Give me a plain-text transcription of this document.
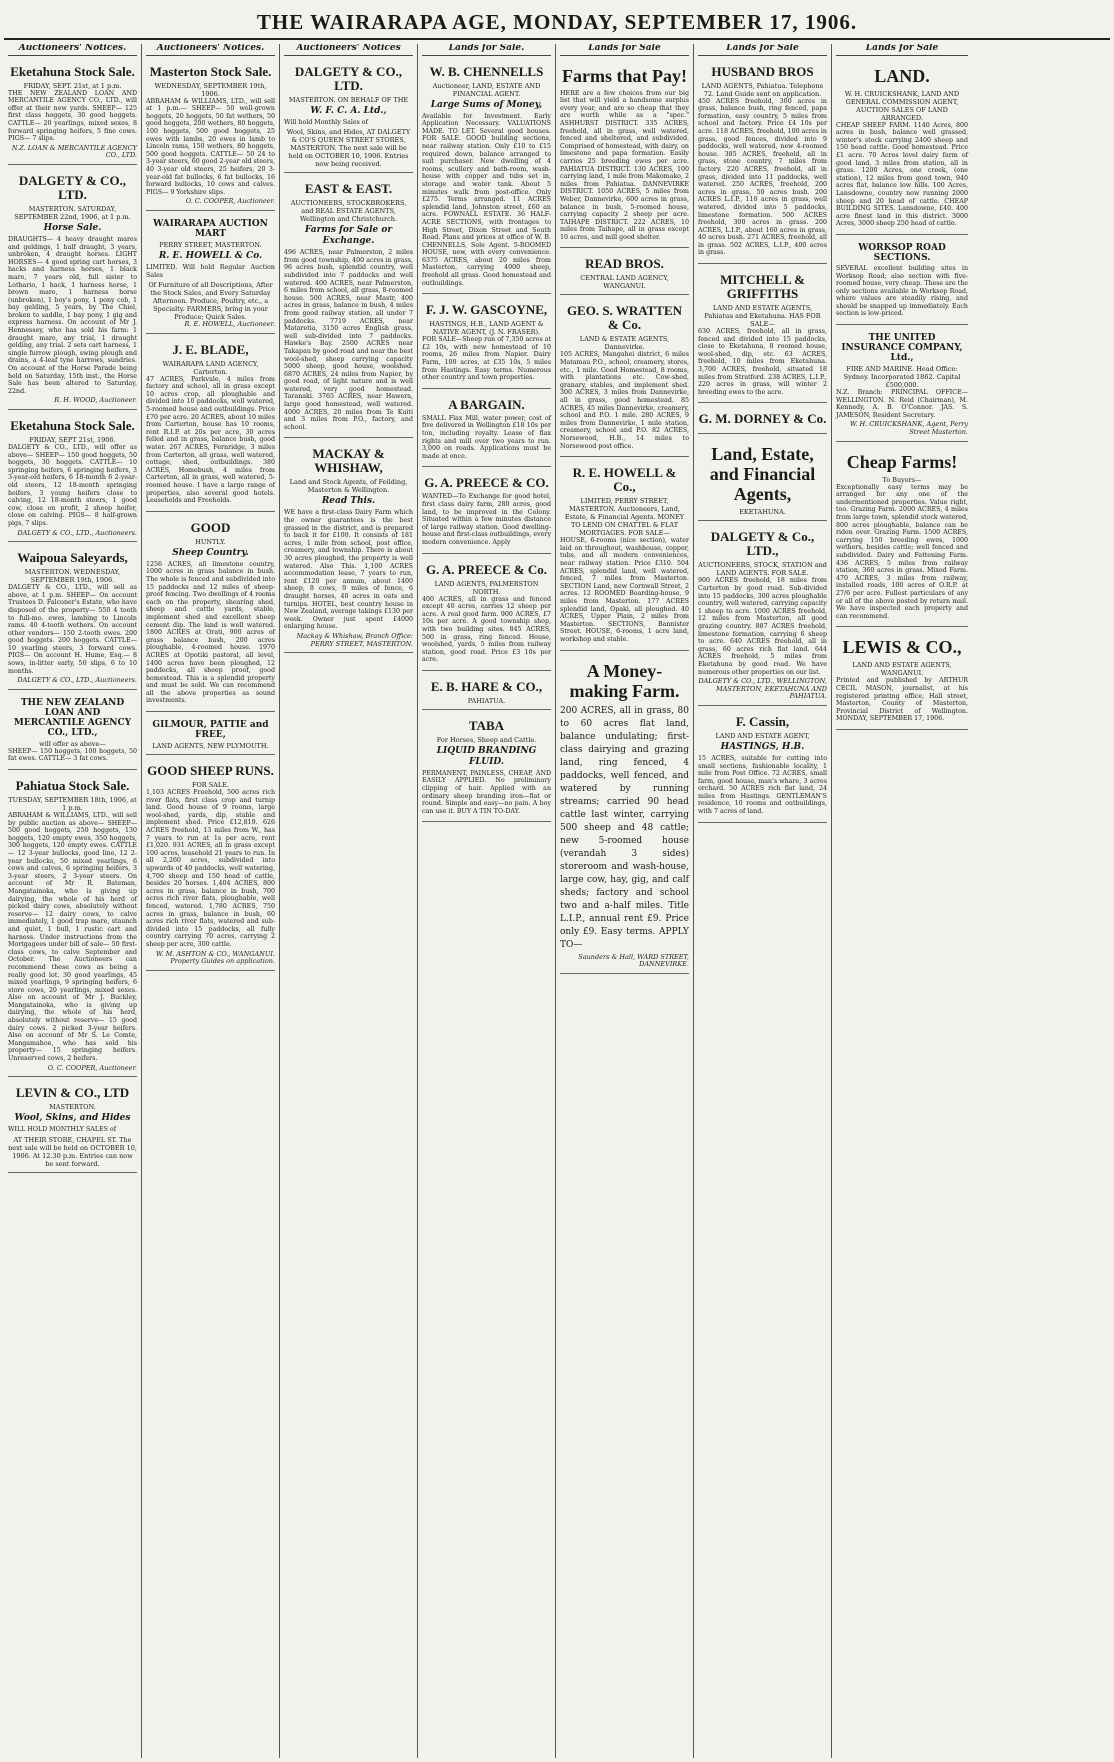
THE WAIRARAPA AGE, MONDAY, SEPTEMBER 17, 1906.
Auctioneers' Notices.
Eketahuna Stock Sale.
FRIDAY, SEPT. 21st, at 1 p.m.

THE NEW ZEALAND LOAN AND MERCANTILE AGENCY CO., LTD., will offer at their new yards. SHEEP— 125 first class hoggets, 30 good hoggets. CATTLE— 20 yearlings, mixed sexes, 8 forward springing heifers, 5 fine cows. PIGS— 7 slips.

N.Z. LOAN & MERCANTILE AGENCY CO., LTD.
DALGETY & CO., LTD.
MASTERTON. SATURDAY, SEPTEMBER 22nd, 1906, at 1 p.m.
Horse Sale.

DRAUGHTS— 4 heavy draught mares and geldings, 1 half draught, 3 years, unbroken, 4 draught horses. LIGHT HORSES— 4 good spring cart horses, 3 hacks and harness horses, 1 black mare, 7 years old, full sister to Lothario, 1 hack, 1 harness horse, 1 brown mare, 1 harness horse (unbroken), 1 boy's pony, 1 pony cob, 1 bay gelding, 5 years, by The Chiel, broken to saddle, 1 bay pony, 1 gig and express harness. On account of Mr J. Hennessey, who has sold his farm: 1 draught mare, any trial, 1 draught gelding, any trial. 2 sets cart harness, 1 single furrow plough, swing plough and drains, a 4-leaf tyne harrows, sundries. On account of the Horse Parade being held on Saturday, 15th inst., the Horse Sale has been altered to Saturday, 22nd.

R. H. WOOD, Auctioneer.
Eketahuna Stock Sale.
FRIDAY, SEPT 21st, 1906.

DALGETY & CO., LTD., will offer as above— SHEEP— 150 good hoggets, 50 hoggets, 30 hoggets. CATTLE— 10 springing heifers, 6 springing heifers, 3 3-year-old heifers, 6 18-month 6 2-year-old steers, 12 18-month springing heifers, 3 young heifers close to calving, 12 18-month steers, 1 good cow, close on profit, 2 sheep heifer, close on calving. PIGS— 8 half-grown pigs, 7 slips.

DALGETY & CO., LTD., Auctioneers.
Waipoua Saleyards,
MASTERTON. WEDNESDAY, SEPTEMBER 19th, 1906.

DALGETY & CO., LTD., will sell as above, at 1 p.m. SHEEP— On account Trustees D. Falconer's Estate, who have disposed of the property— 550 4 tooth to full-mo. ewes, lambing to Lincoln rams. 40 4-tooth wethers. On account other vendors— 150 2-tooth ewes. 200 good hoggets. 200 hoggets. CATTLE— 10 yearling steers, 3 forward cows. PIGS— On account H. Hume, Esq.— 8 sows, in-litter early, 50 slips, 6 to 10 months.

DALGETY & CO., LTD., Auctioneers.
THE NEW ZEALAND LOAN AND MERCANTILE AGENCY CO., LTD.,
will offer as above—

SHEEP— 150 hoggets, 100 hoggets, 50 fat ewes. CATTLE— 3 fat cows.

Pahiatua Stock Sale.
TUESDAY, SEPTEMBER 18th, 1906, at 1 p.m.

ABRAHAM & WILLIAMS, LTD., will sell by public auction as above— SHEEP— 500 good hoggets, 250 hoggets, 130 hoggets, 120 empty ewes, 350 hoggets, 300 hoggets, 120 empty ewes. CATTLE— 12 3-year bullocks, good line, 12 2-year bullocks, 50 mixed yearlings, 6 cows and calves, 6 springing heifers, 3 3-year steers, 2 3-year steers. On account of Mr R. Bateman, Mangatainoka, who is giving up dairying, the whole of his herd of picked dairy cows, absolutely without reserve— 12 dairy cows, to calve immediately, 1 good trap mare, staunch and quiet, 1 bull, 1 rustic cart and harness. Under instructions from the Mortgagees under bill of sale— 50 first-class cows, to calve September and October. The Auctioneers can recommend these cows as being a really good lot. 30 good yearlings, 45 mixed yearlings, 9 springing heifers, 6 store cows, 20 yearlings, mixed sexes. Also on account of Mr J. Buckley, Mangatainoka, who is giving up dairying, the whole of his herd, absolutely without reserve— 15 good dairy cows. 2 picked 3-year heifers. Also on account of Mr S. Le Comte, Mangamahoe, who has sold his property— 15 springing heifers. Unreserved cows, 2 heifers.

O. C. COOPER, Auctioneer.
LEVIN & CO., LTD
MASTERTON.
Wool, Skins, and Hides

WILL HOLD MONTHLY SALES of

AT THEIR STORE, CHAPEL ST. The next sale will be held on OCTOBER 10, 1906. At 12.30 p.m. Entries can now be sent forward.
Auctioneers' Notices.
Masterton Stock Sale.
WEDNESDAY, SEPTEMBER 19th, 1906.

ABRAHAM & WILLIAMS, LTD., will sell at 1 p.m.— SHEEP— 50 well-grown hoggets, 20 hoggets, 50 fat wethers, 50 good hoggets, 200 wethers, 80 hoggets, 100 hoggets, 500 good hoggets, 25 ewes with lambs, 20 ewes in lamb to Lincoln rams, 150 wethers, 80 hoggets, 500 good hoggets. CATTLE— 50 24 to 3-year steers, 60 good 2-year old steers, 40 3-year old steers, 25 heifers, 20 3-year-old fat bullocks, 6 fat bullocks, 16 forward bullocks, 10 cows and calves. PIGS— 9 Yorkshire slips.

O. C. COOPER, Auctioneer.
WAIRARAPA AUCTION MART
PERRY STREET, MASTERTON.
R. E. HOWELL & Co.

LIMITED. Will hold Regular Auction Sales

Of Furniture of all Descriptions, After the Stock Sales, and Every Saturday Afternoon. Produce, Poultry, etc., a Specialty. FARMERS, bring in your Produce; Quick Sales.
R. E. HOWELL, Auctioneer.
J. E. BLADE,
WAIRARAPA LAND AGENCY, Carterton.

47 ACRES, Parkvale, 4 miles from factory and school, all in grass except 10 acres crop, all ploughable and divided into 10 paddocks, well watered, 5-roomed house and outbuildings. Price £70 per acre. 20 ACRES, about 10 miles from Carterton, house has 10 rooms, rent R.I.P. at 20s per acre, 30 acres felled and in grass, balance bush, good water. 267 ACRES, Fernridge, 3 miles from Carterton, all grass, well watered, cottage, shed, outbuildings. 380 ACRES, Homebush, 4 miles from Carterton, all in grass, well watered, 5-roomed house. I have a large range of properties, also several good hotels. Leaseholds and Freeholds.

GOOD
HUNTLY.
Sheep Country.

1256 ACRES, all limestone country, 1000 acres in grass balance in bush. The whole is fenced and subdivided into 15 paddocks and 12 miles of sheep-proof fencing. Two dwellings of 4 rooms each on the property, shearing shed, sheep and cattle yards, stable, implement shed and excellent sheep cement dip. The land is well watered. 1800 ACRES at Orati, 900 acres of grass balance bush, 200 acres ploughable, 4-roomed house. 1970 ACRES at Opotiki pastoral, all level, 1400 acres have been ploughed, 12 paddocks, all sheep proof, good homestead. This is a splendid property and must be sold. We can recommend all the above properties as sound investments.

GILMOUR, PATTIE and FREE,
LAND AGENTS, NEW PLYMOUTH.
GOOD SHEEP RUNS.
FOR SALE.

1,103 ACRES Freehold, 500 acres rich river flats, first class crop and turnip land. Good house of 9 rooms, large wool-shed, yards, dip, stable and implement shed. Price £12,819. 626 ACRES freehold, 13 miles from W., has 7 years to run at 1s per acre, rent £1,020. 931 ACRES, all in grass except 100 acres, leasehold 21 years to run. In all 2,260 acres, subdivided into upwards of 40 paddocks, well watering, 4,700 sheep and 150 head of cattle, besides 20 horses. 1,404 ACRES, 800 acres in grass, balance in bush, 700 acres rich river flats, ploughable, well fenced, watered. 1,780 ACRES, 750 acres in grass, balance in bush, 60 acres rich river flats, watered and sub-divided into 15 paddocks, all fully country carrying 70 acres, carrying 2 sheep per acre, 300 cattle.

W. M. ASHTON & CO., WANGANUI. Property Guides on application.
Auctioneers' Notices
DALGETY & CO., LTD.
MASTERTON. ON BEHALF OF THE
W. F. C. A. Ltd.,

Will hold Monthly Sales of

Wool, Skins, and Hides, AT DALGETY & CO'S QUEEN STREET STORES, MASTERTON. The next sale will be held on OCTOBER 10, 1906. Entries now being received.
EAST & EAST.
AUCTIONEERS, STOCKBROKERS, and REAL ESTATE AGENTS, Wellington and Christchurch.
Farms for Sale or Exchange.

496 ACRES, near Palmerston, 2 miles from good township, 400 acres in grass, 96 acres bush, splendid country, well subdivided into 7 paddocks and well watered. 400 ACRES, near Palmerston, 6 miles from school, all grass, 8-roomed house. 500 ACRES, near Mastr, 400 acres in grass, balance in bush, 4 miles from good railway station, all under 7 paddocks. 7719 ACRES, near Mataretia, 3150 acres English grass, well sub-divided into 7 paddocks. Hawke's Bay. 2500 ACRES near Takapau by good road and near the best wool-shed, sheep carrying capacity 5000 sheep, good house, woolshed. 6870 ACRES, 24 miles from Napier, by good road, of light nature and is well watered, very good homestead. Taranaki. 3765 ACRES, near Hawera, large good homestead, well watered. 4000 ACRES, 20 miles from Te Kuiti and 3 miles from P.O., factory, and school.

MACKAY & WHISHAW,
Land and Stock Agents, of Feilding, Masterton & Wellington.
Read This.

WE have a first-class Dairy Farm which the owner guarantees is the best grassed in the district, and is prepared to back it for £100. It consists of 181 acres, 1 mile from school, post office, creamery, and township. There is about 30 acres ploughed, the property is well watered. Also This. 1,100 ACRES accommodation lease, 7 years to run, rent £120 per annum, about 1400 sheep, 8 cows, 9 miles of fence, 6 draught horses, 40 acres in oats and turnips. HOTEL, best country house in New Zealand, average takings £130 per week. Owner just spent £4000 enlarging house.

Mackay & Whishaw, Branch Office: PERRY STREET, MASTERTON.
Lands for Sale.
W. B. CHENNELLS
Auctioneer, LAND, ESTATE AND FINANCIAL AGENT.
Large Sums of Money,

Available for Investment. Early Application Necessary. VALUATIONS MADE. TO LET. Several good houses. FOR SALE. GOOD building sections, near railway station. Only £10 to £15 required down, balance arranged to suit purchaser. New dwelling of 4 rooms, scullery and bath-room, wash-house with copper and tubs set in, storage and water tank. About 5 minutes walk from post-office. Only £275. Terms arranged. 11 ACRES splendid land, Johnston street, £60 an acre. FOWNALL ESTATE. 36 HALF-ACRE SECTIONS, with frontages to High Street, Dixon Street and South Road. Plans and prices at office of W. B. CHENNELLS, Sole Agent. 5-ROOMED HOUSE, new, with every convenience. 6375 ACRES, about 20 miles from Masterton, carrying 4000 sheep, freehold all grass. Good homestead and outbuildings.

F. J. W. GASCOYNE,
HASTINGS, H.B., LAND AGENT & NATIVE AGENT, (J. N. FRASER).

FOR SALE—Sheep run of 7,350 acres at £2 10s, with new homestead of 10 rooms, 26 miles from Napier. Dairy Farm, 100 acres, at £35 10s, 5 miles from Hastings. Easy terms. Numerous other country and town properties.

A BARGAIN.

SMALL Flax Mill, water power, cost of five delivered in Wellington £18 10s per ton, including royalty. Lease of flax rights and mill over two years to run. 3,000 on roads. Applications must be made at once.

G. A. PREECE & CO.

WANTED—To Exchange for good hotel, first class dairy farm, 280 acres, good land, to be improved in the Colony. Situated within a few minutes distance of large railway station. Good dwelling-house and first-class outbuildings, every modern convenience. Apply

G. A. PREECE & Co.
LAND AGENTS, PALMERSTON NORTH.

400 ACRES, all in grass and fenced except 40 acres, carries 12 sheep per acre. A real good farm. 900 ACRES, £7 10s per acre. A good township shop, with two building sites. 845 ACRES, 500 in grass, ring fenced. House, woolshed, yards, 5 miles from railway station, good road. Price £3 10s per acre.

E. B. HARE & CO.,
PAHIATUA.
TABA
For Horses, Sheep and Cattle.
LIQUID BRANDING FLUID.

PERMANENT, PAINLESS, CHEAP, AND EASILY APPLIED. No preliminary clipping of hair. Applied with an ordinary sheep branding iron—flat or round. Simple and easy—no pain. A boy can use it. BUY A TIN TO-DAY.

Lands for Sale
Farms that Pay!

HERE are a few choices from our big list that will yield a handsome surplus every year, and are so cheap that they are worth while as a "spec." ASHHURST DISTRICT. 335 ACRES, freehold, all in grass, well watered, fenced and sheltered, and subdivided. Comprised of homestead, with dairy, on limestone and papa formation. Easily carries 25 breeding ewes per acre. PAHIATUA DISTRICT. 130 ACRES, 100 carrying land, 1 mile from Makomako, 2 miles from Pahiatua. DANNEVIRKE DISTRICT. 1050 ACRES, 5 miles from Weber, Dannevirke, 600 acres in grass, balance in bush, 5-roomed house, carrying capacity 2 sheep per acre. TAIHAPE DISTRICT. 222 ACRES, 10 miles from Taihape, all in grass except 10 acres, and mill good shelter.

READ BROS.
CENTRAL LAND AGENCY, WANGANUI.
GEO. S. WRATTEN & Co.
LAND & ESTATE AGENTS, Dannevirke.

105 ACRES, Mangahei district, 6 miles Matamau P.O., school, creamery, stores, etc., 1 mile. Good Homestead, 8 rooms, with plantations etc. Cow-shed, granary, stables, and implement shed. 300 ACRES, 3 miles from Dannevirke, all in grass, good homestead. 85 ACRES, 45 miles Dannevirke, creamery, school and P.O. 1 mile. 280 ACRES, 9 miles from Dannevirke, 1 mile station, creamery, school and P.O. 82 ACRES, Norsewood, H.B., 14 miles to Norsewood post office.

R. E. HOWELL & Co.,
LIMITED, PERRY STREET, MASTERTON. Auctioneers, Land, Estate, & Financial Agents. MONEY TO LEND ON CHATTEL & FLAT MORTGAGES. FOR SALE—

HOUSE, 6-rooms (nice section), water laid on throughout, washhouse, copper, tubs, and all modern conveniences, near railway station. Price £310. 504 ACRES, splendid land, well watered, fenced, 7 miles from Masterton. SECTION Land, new Cornwall Street, 2 acres. 12 ROOMED Boarding-house, 9 miles from Masterton. 177 ACRES splendid land, Opaki, all ploughed. 40 ACRES, Upper Plain, 2 miles from Masterton. SECTIONS, Bannister Street. HOUSE, 6-rooms, 1 acre land, workshop and stable.

A Money-making Farm.

200 ACRES, all in grass, 80 to 60 acres flat land, balance undulating; first-class dairying and grazing land, ring fenced, 4 paddocks, well fenced, and watered by running streams; carried 90 head cattle last winter, carrying 500 sheep and 48 cattle; new 5-roomed house (verandah 3 sides) storeroom and wash-house, large cow, hay, gig, and calf sheds; factory and school two and a-half miles. Title L.I.P., annual rent £9. Price only £9. Easy terms. APPLY TO—

Saunders & Hall, WARD STREET, DANNEVIRKE.
Lands for Sale
HUSBAND BROS
LAND AGENTS, Pahiatua. Telephone 72. Land Guide sent on application.

450 ACRES freehold, 300 acres in grass, balance bush, ring fenced, papa formation, easy country, 5 miles from school and factory. Price £4 10s per acre. 118 ACRES, freehold, 100 acres in grass, good fences, divided into 9 paddocks, well watered, new 4-roomed house. 385 ACRES, freehold, all in grass, stone country, 7 miles from factory. 220 ACRES, freehold, all in grass, divided into 11 paddocks, well watered. 250 ACRES, freehold, 200 acres in grass, 50 acres bush. 200 ACRES L.I.P., 110 acres in grass, well watered, divided into 5 paddocks, limestone formation. 500 ACRES freehold, 300 acres in grass. 200 ACRES, L.I.P., about 160 acres in grass, 40 acres bush. 271 ACRES, freehold, all in grass. 502 ACRES, L.I.P., 400 acres in grass.

MITCHELL & GRIFFITHS
LAND AND ESTATE AGENTS, Pahiatua and Eketahuna. HAS FOR SALE—

630 ACRES, freehold, all in grass, fenced and divided into 15 paddocks, close to Eketahuna, 8 roomed house, wool-shed, dip, etc. 63 ACRES, freehold, 10 miles from Eketahuna. 3,700 ACRES, freehold, situated 18 miles from Stratford. 238 ACRES, L.I.P., 220 acres in grass, will winter 2 breeding ewes to the acre.

G. M. DORNEY & Co.
Land, Estate, and Financial Agents,
EKETAHUNA.
DALGETY & Co., LTD.,
AUCTIONEERS, STOCK, STATION and LAND AGENTS. FOR SALE.

900 ACRES freehold, 18 miles from Carterton by good road. Sub-divided into 15 paddocks, 300 acres ploughable country, well watered, carrying capacity 1 sheep to acre. 1000 ACRES freehold, 12 miles from Masterton, all good grazing country. 887 ACRES freehold, limestone formation, carrying 6 sheep to acre. 640 ACRES freehold, all in grass, 60 acres rich flat land. 644 ACRES freehold, 5 miles from Eketahuna by good road. We have numerous other properties on our list.

DALGETY & CO., LTD., WELLINGTON, MASTERTON, EKETAHUNA AND PAHIATUA.
F. Cassin,
LAND AND ESTATE AGENT,
HASTINGS, H.B.

15 ACRES, suitable for cutting into small sections, fashionable locality, 1 mile from Post Office. 72 ACRES, small farm, good house, man's whare, 3 acres orchard. 50 ACRES rich flat land, 24 miles from Hastings. GENTLEMAN'S residence, 10 rooms and outbuildings, with 7 acres of land.

Lands for Sale
LAND.
W. H. CRUICKSHANK, LAND AND GENERAL COMMISSION AGENT, AUCTION SALES OF LAND ARRANGED.

CHEAP SHEEP FARM. 1140 Acres, 800 acres in bush, balance well grassed, winter's stock carrying 2400 sheep and 150 head cattle. Good homestead. Price £1 acre. 70 Acres level dairy farm of good land, 3 miles from station, all in grass. 1200 Acres, one creek, (one station), 12 miles from good town, 940 acres flat, balance low hills. 100 Acres, Lansdowne, country now running 2000 sheep and 20 head of cattle. CHEAP BUILDING SITES. Lansdowne, £40. 400 acre finest land in this district. 3000 Acres, 3000 sheep 250 head of cattle.

WORKSOP ROAD SECTIONS.

SEVERAL excellent building sites in Worksop Road; also section with five-roomed house, very cheap. These are the only sections available in Worksop Road, where values are steadily rising, and should be snapped up immediately. Each section is low-priced.

THE UNITED INSURANCE COMPANY, Ltd.,
FIRE AND MARINE. Head Office: Sydney. Incorporated 1862. Capital £500,000.

N.Z. Branch: PRINCIPAL OFFICE—WELLINGTON. N. Reid (Chairman), M. Kennedy, A. B. O'Connor. JAS. S. JAMESON, Resident Secretary.

W. H. CRUICKSHANK, Agent, Perry Street Masterton.
Cheap Farms!
To Buyers—

Exceptionally easy terms may be arranged for any one of the undermentioned properties. Value right, too. Grazing Farm. 2000 ACRES, 4 miles from large town, splendid stock watered, 800 acres ploughable, balance can be riden over. Grazing Farm. 1500 ACRES, carrying 150 breeding ewes, 1000 wethers, besides cattle; well fenced and subdivided. Dairy and Fattening Farm. 436 ACRES, 5 miles from railway station, 360 acres in grass. Mixed Farm. 470 ACRES, 3 miles from railway, installed roads, 100 acres of O.R.P. at 27/6 per acre. Fullest particulars of any or all of the above posted by return mail. We have inspected each property and can recommend.

LEWIS & CO.,
LAND AND ESTATE AGENTS, WANGANUI.

Printed and published by ARTHUR CECIL MASON, journalist, at his registered printing office, Hall street, Masterton, County of Masterton, Provincial District of Wellington. MONDAY, SEPTEMBER 17, 1906.
